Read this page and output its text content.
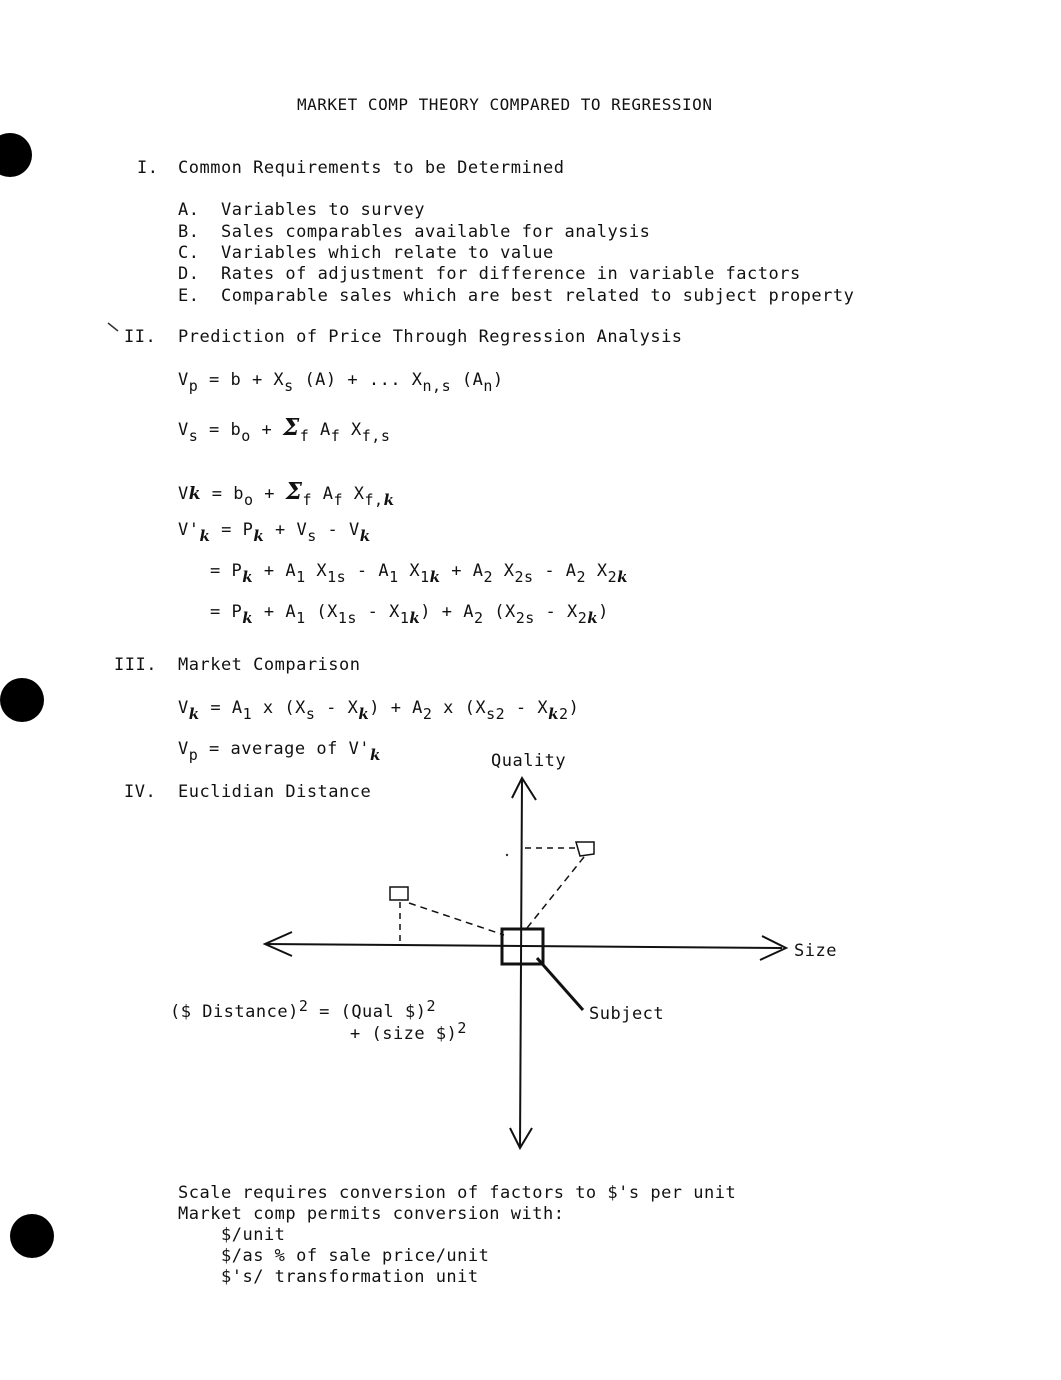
MARKET COMP THEORY COMPARED TO REGRESSION
I. Common Requirements to be Determined
A. Variables to survey
B. Sales comparables available for analysis
C. Variables which relate to value
D. Rates of adjustment for difference in variable factors
E. Comparable sales which are best related to subject property
II. Prediction of Price Through Regression Analysis
$V_p = b + X_s$ (A) + ... $X_{n,s}$ $(A_n)$
$V_s = b_o + \Sigma_f$ $A_f$ $X_{f,s}$
$Vk = b_o + \Sigma_f$ $A_f$ $X_{f,k}$
$V'_k = P_k + V_s - V_k$
= $P_k + A_1$ $X_{1s} - A_1$ $X_{1k} + A_2$ $X_{2s} - A_2$ $X_{2k}$
= $P_k + A_1$ $(X_{1s} - X_{1k}) + A_2$ $(X_{2s} - X_{2k})$
III. Market Comparison
$V_k = A_1$ x $(X_s - X_k) + A_2$ x $(X_{s2} - X_{k2})$
$V_p$ = average of $V'_k$
IV. Euclidian Distance
Quality
Size
Subject
($ Distance)$^2$ = (Qual $)$^2$
+ (size $)$^2$
Scale requires conversion of factors to $'s per unit
Market comp permits conversion with:
$/unit
$/as % of sale price/unit
$'s/ transformation unit
